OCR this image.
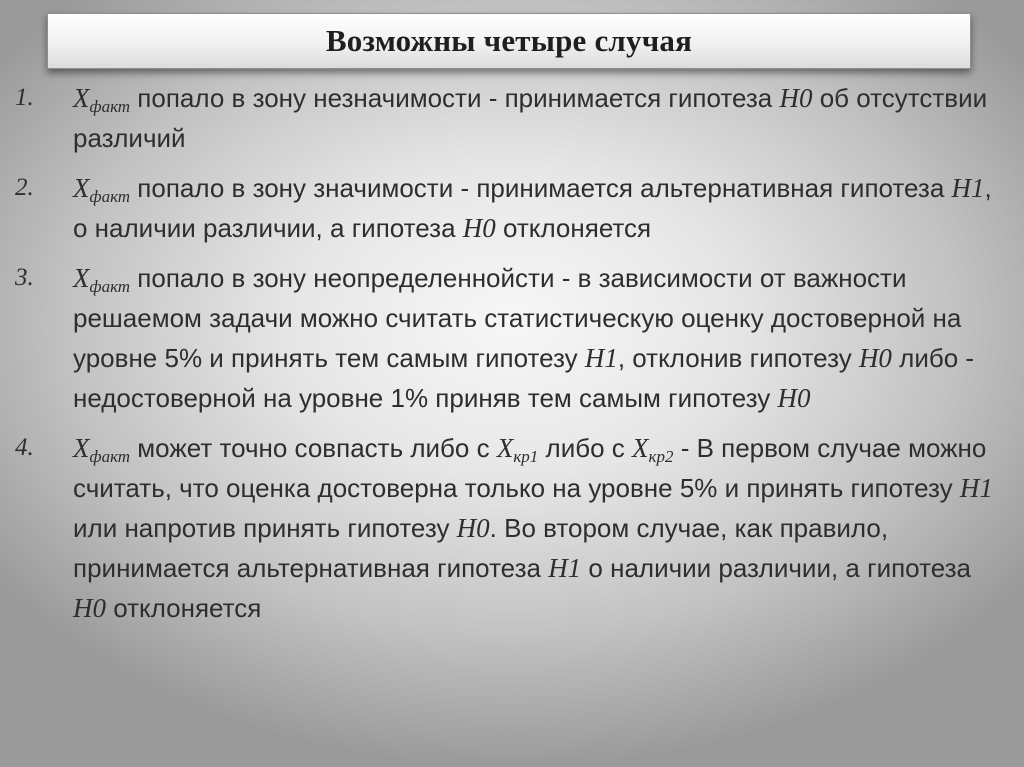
Возможны четыре случая
1. $X_{факт}$ попало в зону незначимости - принимается гипотеза H0 об отсутствии различий
2. $X_{факт}$ попало в зону значимости - принимается альтернативная гипотеза H1, о наличии различии, а гипотеза H0 отклоняется
3. $X_{факт}$ попало в зону неопределеннойсти - в зависимости от важности решаемом задачи можно считать статистическую оценку достоверной на уровне 5% и принять тем самым гипотезу H1, отклонив гипотезу H0 либо - недостоверной на уровне 1% приняв тем самым гипотезу H0
4. $X_{факт}$ может точно совпасть либо с $X_{кр1}$ либо с $X_{кр2}$ - В первом случае можно считать, что оценка достоверна только на уровне 5% и принять гипотезу H1 или напротив принять гипотезу H0. Во втором случае, как правило, принимается альтернативная гипотеза H1 о наличии различии, а гипотеза H0 отклоняется
